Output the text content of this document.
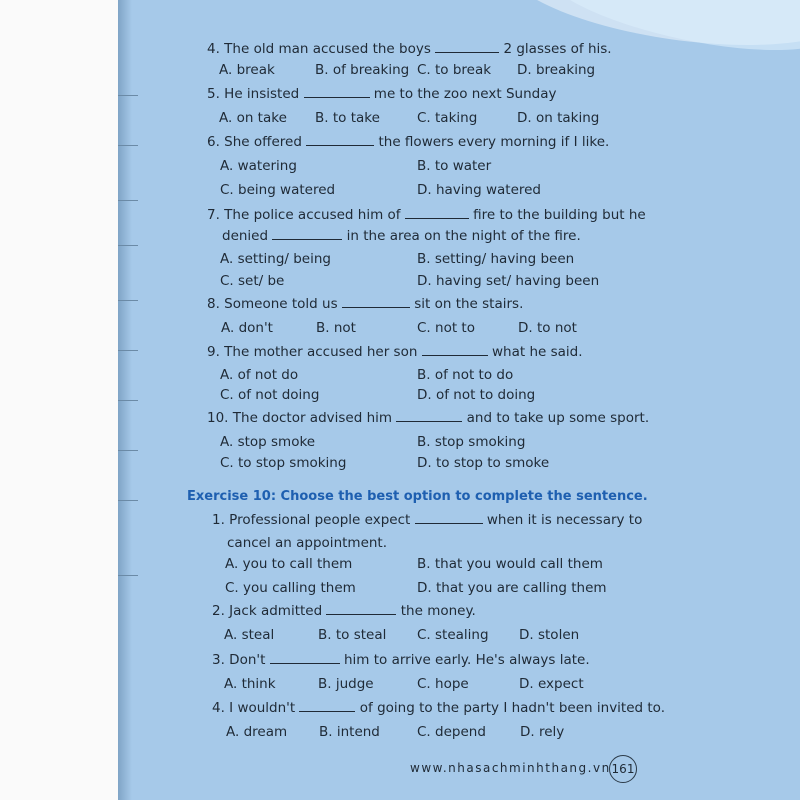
Exercise 10: Choose the best option to complete the sentence.
www.nhasachminhthang.vn 161
4. The old man accused the boys	2 glasses of his.
A. break	B. of breaking C. to break D. breaking
5. He insisted	me to the zoo next Sunday
A. on take B. to take	C. taking	D. on taking
6. She offered	the flowers every morning if I like.
A. watering	B. to water
C. being watered	D. having watered
7. The police accused him of	fire to the building but he
denied	in the area on the night of the fire.
A. setting/ being	B. setting/ having been
C. set/ be	D. having set/ having been
8. Someone told us	sit on the stairs.
A. don't	B. not	C. not to	D. to not
9. The mother accused her son	what he said.
A. of not do	B. of not to do
C. of not doing	D. of not to doing
10. The doctor advised him	and to take up some sport.
A. stop smoke	B. stop smoking
C. to stop smoking	D. to stop to smoke
1. Professional people expect	when it is necessary to
cancel an appointment.
A. you to call them	B. that you would call them
C. you calling them	D. that you are calling them
2. Jack admitted	the money.
A. steal	B. to steal C. stealing D. stolen
3. Don't	him to arrive early. He's always late.
A. think	B. judge	C. hope	D. expect
4. I wouldn't	of going to the party I hadn't been invited to.
A. dream B. intend	C. depend	D. rely
